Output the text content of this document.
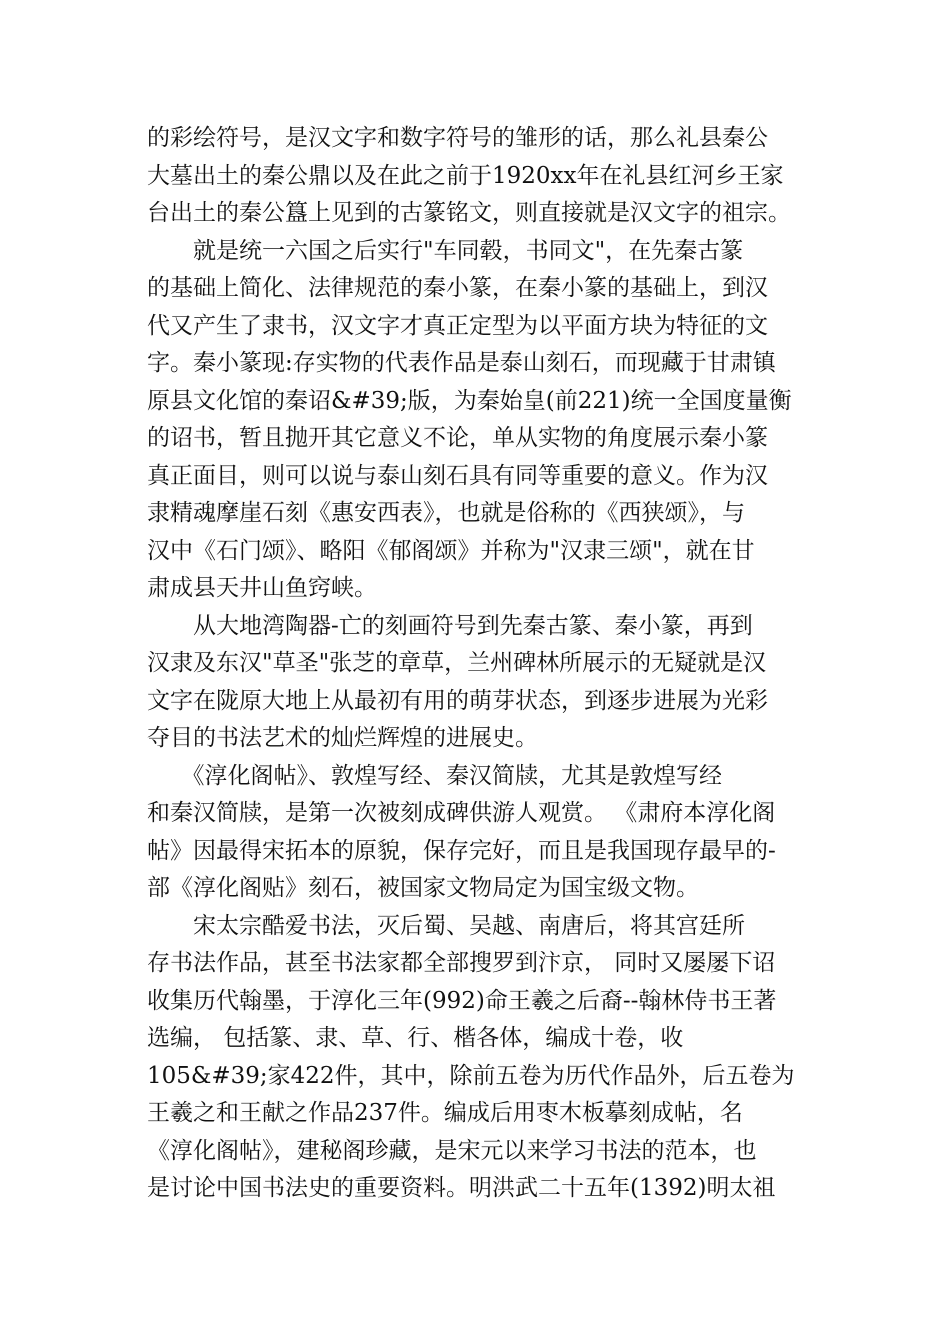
的彩绘符号，是汉文字和数字符号的雏形的话，那么礼县秦公
大墓出土的秦公鼎以及在此之前于1920xx年在礼县红河乡王家
台出土的秦公簋上见到的古篆铭文，则直接就是汉文字的祖宗。
　　就是统一六国之后实行"车同毂，书同文"，在先秦古篆
的基础上简化、法律规范的秦小篆，在秦小篆的基础上，到汉
代又产生了隶书，汉文字才真正定型为以平面方块为特征的文
字。秦小篆现:存实物的代表作品是泰山刻石，而现藏于甘肃镇
原县文化馆的秦诏&#39;版，为秦始皇(前221)统一全国度量衡
的诏书，暂且抛开其它意义不论，单从实物的角度展示秦小篆
真正面目，则可以说与泰山刻石具有同等重要的意义。作为汉
隶精魂摩崖石刻《惠安西表》，也就是俗称的《西狭颂》，与
汉中《石门颂》、略阳《郁阁颂》并称为"汉隶三颂"，就在甘
肃成县天井山鱼窍峡。
　　从大地湾陶器-亡的刻画符号到先秦古篆、秦小篆，再到
汉隶及东汉"草圣"张芝的章草，兰州碑林所展示的无疑就是汉
文字在陇原大地上从最初有用的萌芽状态，到逐步进展为光彩
夺目的书法艺术的灿烂辉煌的进展史。
　　《淳化阁帖》、敦煌写经、秦汉简牍，尤其是敦煌写经
和秦汉简牍，是第一次被刻成碑供游人观赏。 《肃府本淳化阁
帖》因最得宋拓本的原貌，保存完好，而且是我国现存最早的-
部《淳化阁贴》刻石，被国家文物局定为国宝级文物。
　　宋太宗酷爱书法，灭后蜀、吴越、南唐后，将其宫廷所
存书法作品，甚至书法家都全部搜罗到汴京， 同时又屡屡下诏
收集历代翰墨，于淳化三年(992)命王羲之后裔--翰林侍书王著
选编， 包括篆、隶、草、行、楷各体，编成十卷，收
105&#39;家422件，其中，除前五卷为历代作品外，后五卷为
王羲之和王献之作品237件。编成后用枣木板摹刻成帖，名
《淳化阁帖》，建秘阁珍藏，是宋元以来学习书法的范本，也
是讨论中国书法史的重要资料。明洪武二十五年(1392)明太祖
